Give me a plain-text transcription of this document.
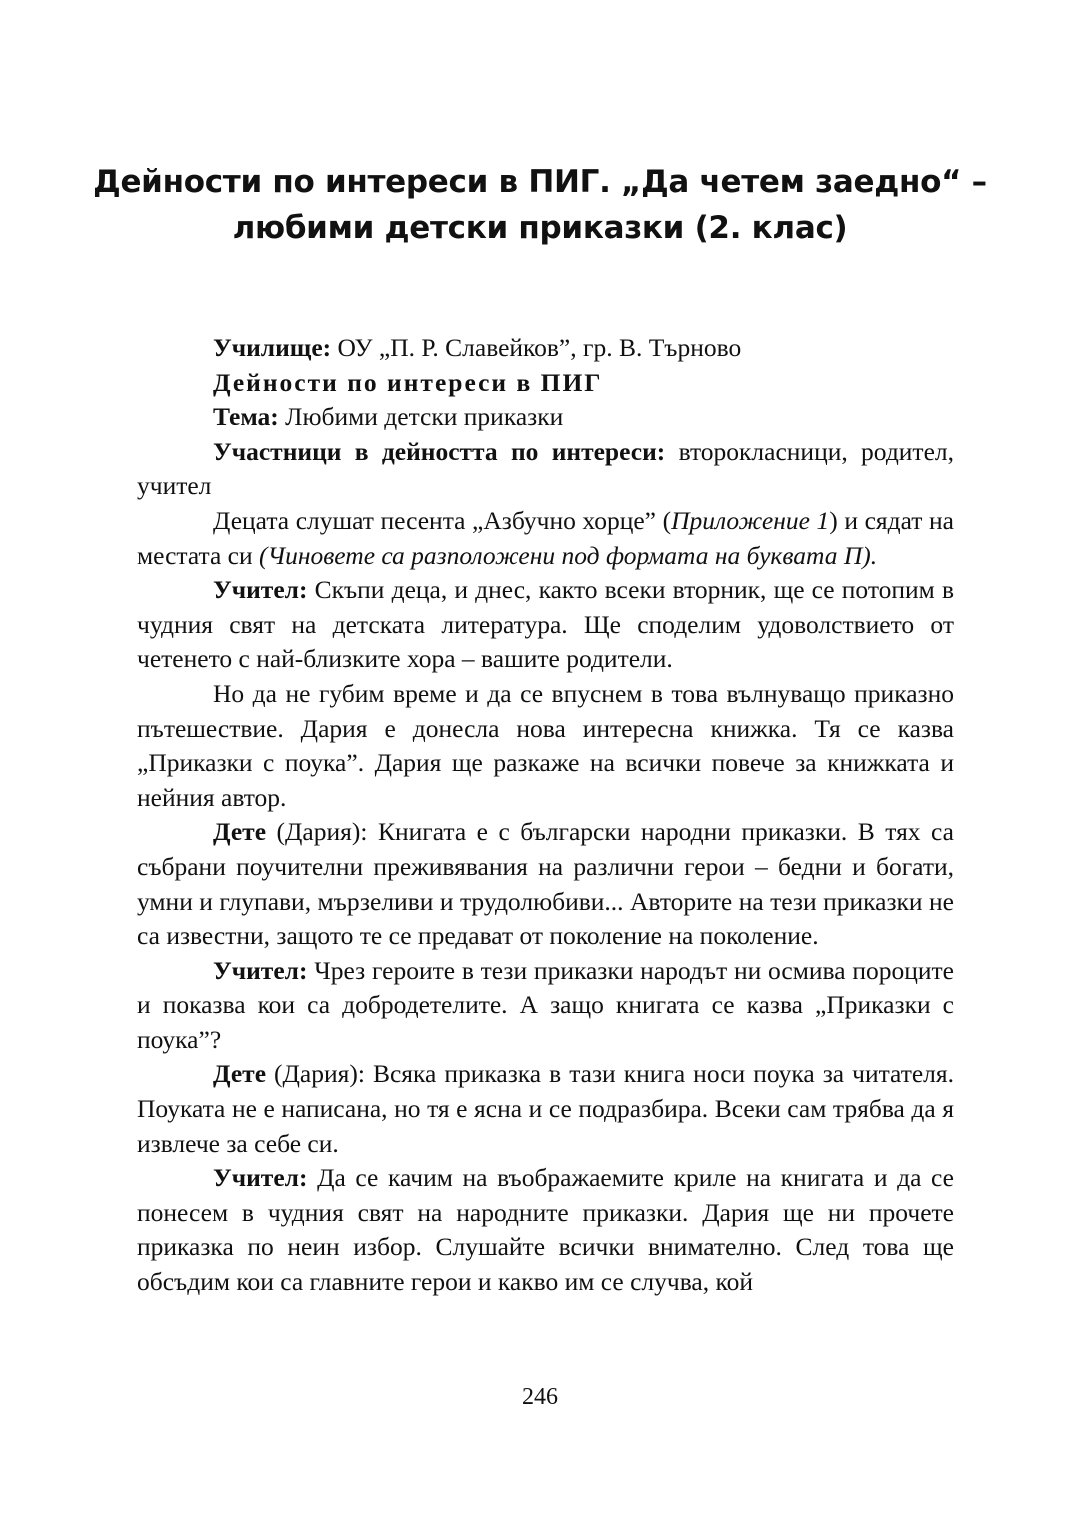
Дейности по интереси в ПИГ. „Да четем заедно“ –
любими детски приказки (2. клас)

Училище: ОУ „П. Р. Славейков”, гр. В. Търново

Дейности по интереси в ПИГ

Тема: Любими детски приказки

Участници в дейността по интереси: второкласници, родител, учител

Децата слушат песента „Азбучно хорце” (Приложение 1) и сядат на местата си (Чиновете са разположени под формата на буквата П).

Учител: Скъпи деца, и днес, както всеки вторник, ще се потопим в чудния свят на детската литература. Ще споделим удоволствието от четенето с най-близките хора – вашите родители.

Но да не губим време и да се впуснем в това вълнуващо приказно пътешествие. Дария е донесла нова интересна книжка. Тя се казва „Приказки с поука”. Дария ще разкаже на всички повече за книжката и нейния автор.

Дете (Дария): Книгата е с български народни приказки. В тях са събрани поучителни преживявания на различни герои – бедни и богати, умни и глупави, мързеливи и трудолюбиви... Авторите на тези приказки не са известни, защото те се предават от поколение на поколение.

Учител: Чрез героите в тези приказки народът ни осмива пороците и показва кои са добродетелите. А защо книгата се казва „Приказки с поука”?

Дете (Дария): Всяка приказка в тази книга носи поука за читателя. Поуката не е написана, но тя е ясна и се подразбира. Всеки сам трябва да я извлече за себе си.

Учител: Да се качим на въображаемите криле на книгата и да се понесем в чудния свят на народните приказки. Дария ще ни прочете приказка по неин избор. Слушайте всички внимателно. След това ще обсъдим кои са главните герои и какво им се случва, кой

246
